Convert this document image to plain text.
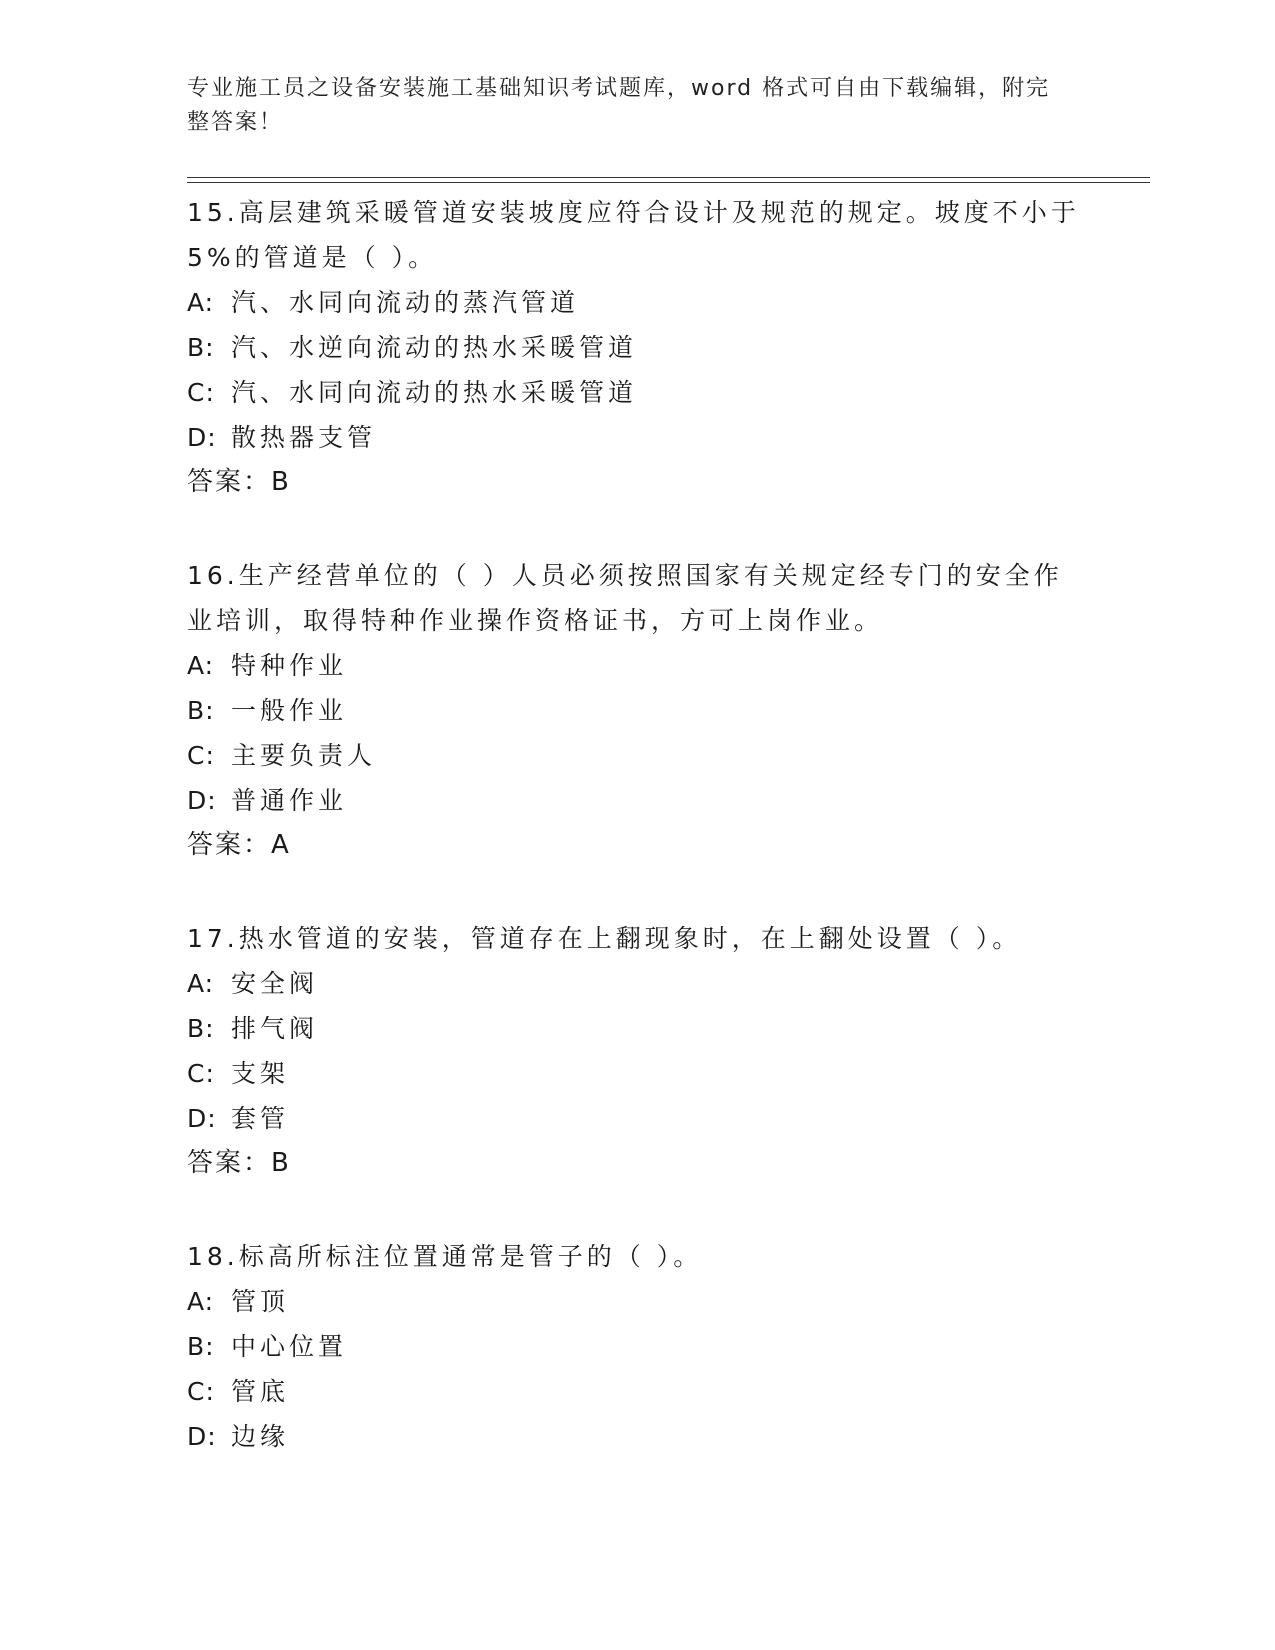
专业施工员之设备安装施工基础知识考试题库，word 格式可自由下载编辑，附完整答案！

15.高层建筑采暖管道安装坡度应符合设计及规范的规定。坡度不小于5%的管道是（ ）。

A: 汽、水同向流动的蒸汽管道

B: 汽、水逆向流动的热水采暖管道

C: 汽、水同向流动的热水采暖管道

D: 散热器支管

答案：B

16.生产经营单位的（ ）人员必须按照国家有关规定经专门的安全作业培训，取得特种作业操作资格证书，方可上岗作业。

A: 特种作业

B: 一般作业

C: 主要负责人

D: 普通作业

答案：A

17.热水管道的安装，管道存在上翻现象时，在上翻处设置（ ）。

A: 安全阀

B: 排气阀

C: 支架

D: 套管

答案：B

18.标高所标注位置通常是管子的（ ）。

A: 管顶

B: 中心位置

C: 管底

D: 边缘
